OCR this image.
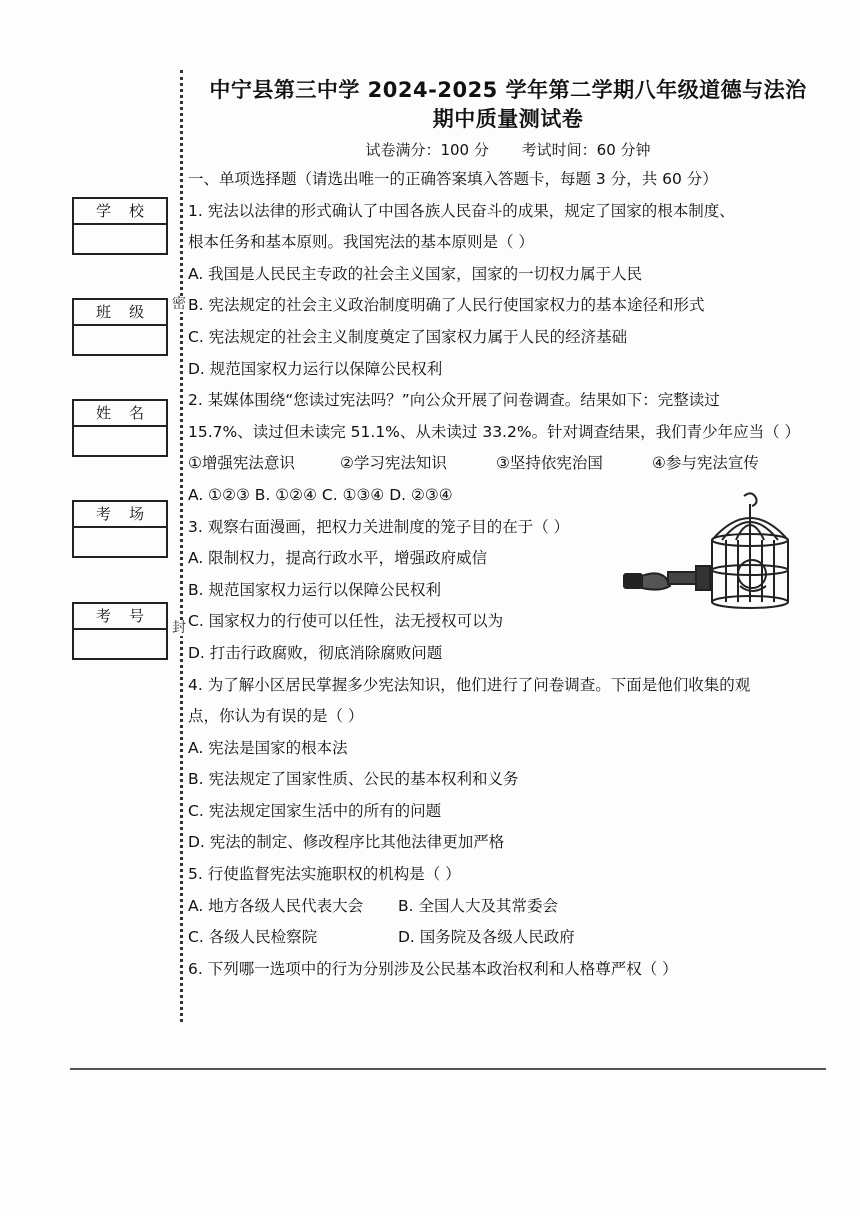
密
封
学校
班级
姓名
考场
考号
中宁县第三中学 2024-2025 学年第二学期八年级道德与法治
期中质量测试卷
试卷满分：100 分 考试时间：60 分钟
一、单项选择题（请选出唯一的正确答案填入答题卡，每题 3 分，共 60 分）
1. 宪法以法律的形式确认了中国各族人民奋斗的成果，规定了国家的根本制度、
根本任务和基本原则。我国宪法的基本原则是（ ）
A. 我国是人民民主专政的社会主义国家，国家的一切权力属于人民
B. 宪法规定的社会主义政治制度明确了人民行使国家权力的基本途径和形式
C. 宪法规定的社会主义制度奠定了国家权力属于人民的经济基础
D. 规范国家权力运行以保障公民权利
2. 某媒体围绕“您读过宪法吗？”向公众开展了问卷调查。结果如下：完整读过
15.7%、读过但未读完 51.1%、从未读过 33.2%。针对调查结果，我们青少年应当（ ）
①增强宪法意识	②学习宪法知识	③坚持依宪治国	④参与宪法宣传
A. ①②③ B. ①②④ C. ①③④ D. ②③④
3. 观察右面漫画，把权力关进制度的笼子目的在于（ ）
A. 限制权力，提高行政水平，增强政府威信
B. 规范国家权力运行以保障公民权利
C. 国家权力的行使可以任性，法无授权可以为
D. 打击行政腐败，彻底消除腐败问题
4. 为了解小区居民掌握多少宪法知识，他们进行了问卷调查。下面是他们收集的观
点，你认为有误的是（ ）
A. 宪法是国家的根本法
B. 宪法规定了国家性质、公民的基本权利和义务
C. 宪法规定国家生活中的所有的问题
D. 宪法的制定、修改程序比其他法律更加严格
5. 行使监督宪法实施职权的机构是（ ）
A. 地方各级人民代表大会	B. 全国人大及其常委会
C. 各级人民检察院	D. 国务院及各级人民政府
6. 下列哪一选项中的行为分别涉及公民基本政治权利和人格尊严权（ ）
